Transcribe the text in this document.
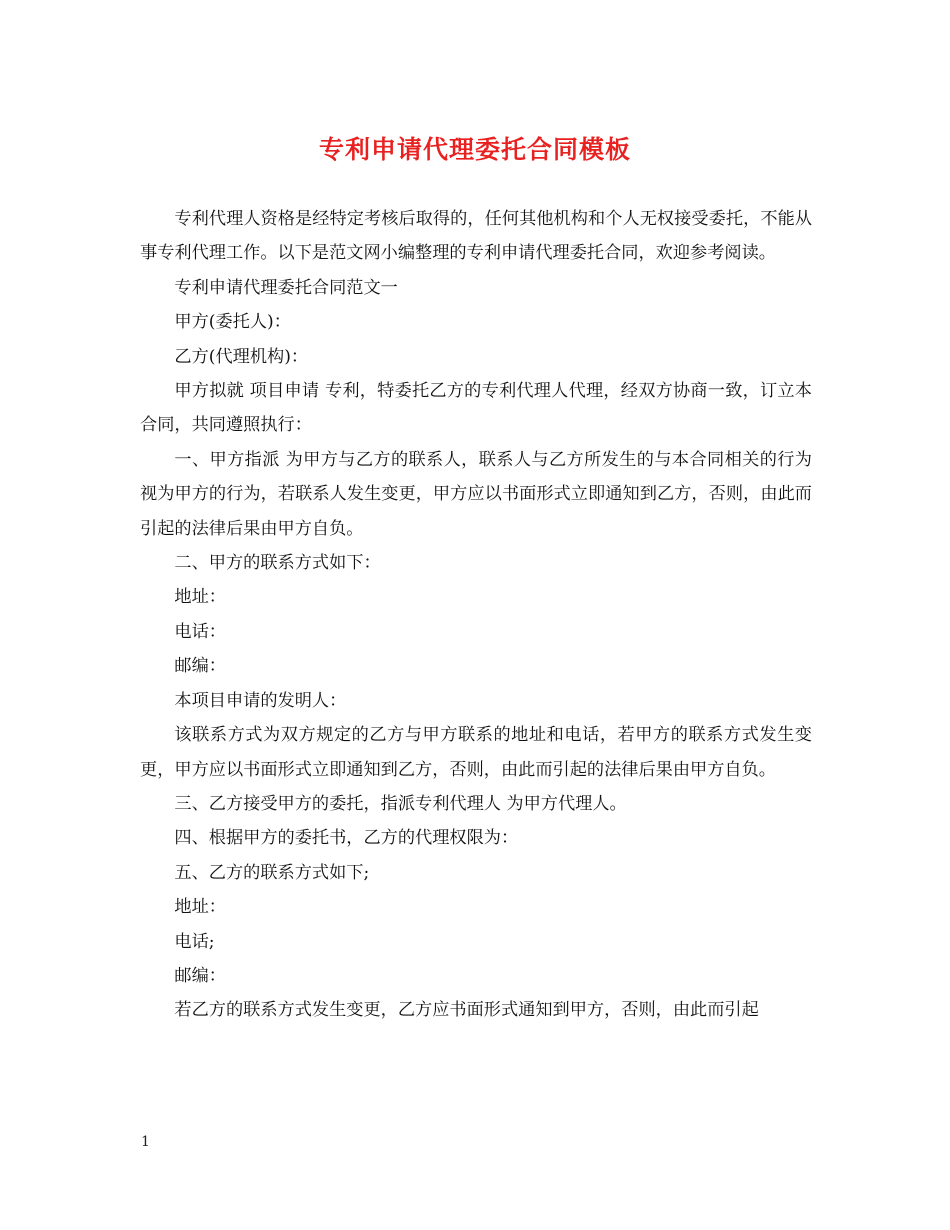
专利申请代理委托合同模板

专利代理人资格是经特定考核后取得的，任何其他机构和个人无权接受委托，不能从事专利代理工作。以下是范文网小编整理的专利申请代理委托合同，欢迎参考阅读。

专利申请代理委托合同范文一

甲方(委托人)：

乙方(代理机构)：

甲方拟就 项目申请 专利，特委托乙方的专利代理人代理，经双方协商一致，订立本合同，共同遵照执行：

一、甲方指派 为甲方与乙方的联系人，联系人与乙方所发生的与本合同相关的行为视为甲方的行为，若联系人发生变更，甲方应以书面形式立即通知到乙方，否则，由此而引起的法律后果由甲方自负。

二、甲方的联系方式如下：

地址：

电话：

邮编：

本项目申请的发明人：

该联系方式为双方规定的乙方与甲方联系的地址和电话，若甲方的联系方式发生变更，甲方应以书面形式立即通知到乙方，否则，由此而引起的法律后果由甲方自负。

三、乙方接受甲方的委托，指派专利代理人 为甲方代理人。

四、根据甲方的委托书，乙方的代理权限为：

五、乙方的联系方式如下;

地址：

电话;

邮编：

若乙方的联系方式发生变更，乙方应书面形式通知到甲方，否则，由此而引起

1
